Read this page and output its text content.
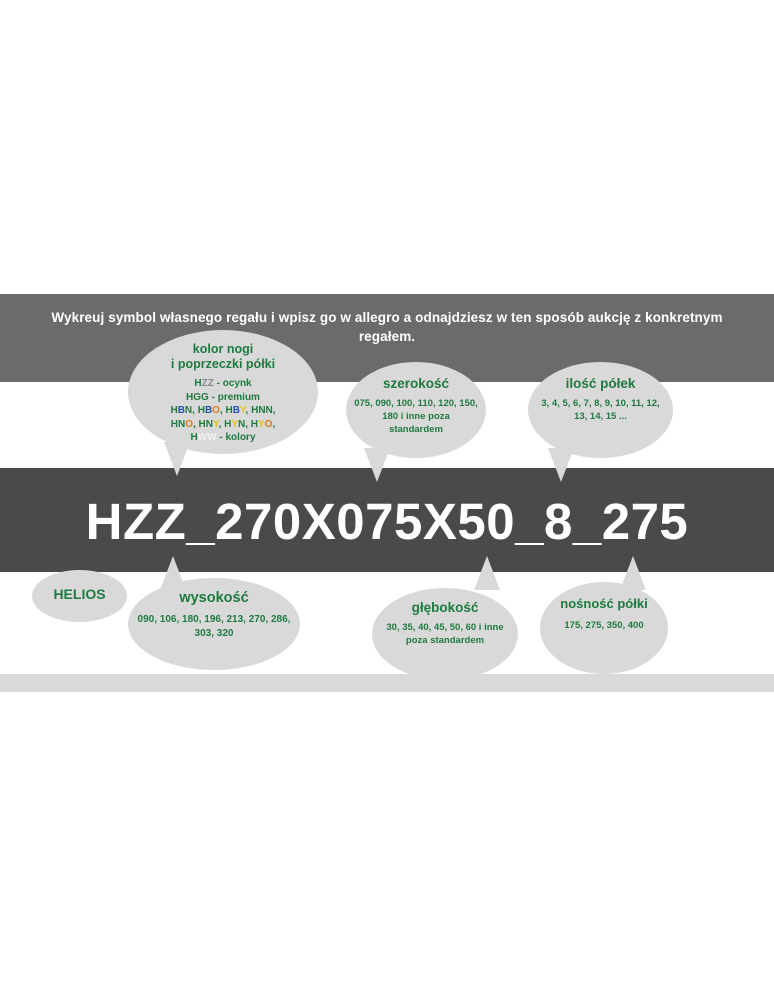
Wykreuj symbol własnego regału i wpisz go w allegro a odnajdziesz w ten sposób aukcję z konkretnym regałem.
HZZ_270X075X50_8_275
kolor nogi
i poprzeczki półki
HZZ - ocynk
HGG - premium
HBN, HBO, HBY, HNN,
HNO, HNY, HYN, HYO,
HWW - kolory
szerokość
075, 090, 100, 110, 120, 150, 180 i inne poza standardem
ilość półek
3, 4, 5, 6, 7, 8, 9, 10, 11, 12, 13, 14, 15 ...
HELIOS	wysokość
090, 106, 180, 196, 213, 270, 286, 303, 320
głębokość
30, 35, 40, 45, 50, 60 i inne poza standardem
nośność półki
175, 275, 350, 400
